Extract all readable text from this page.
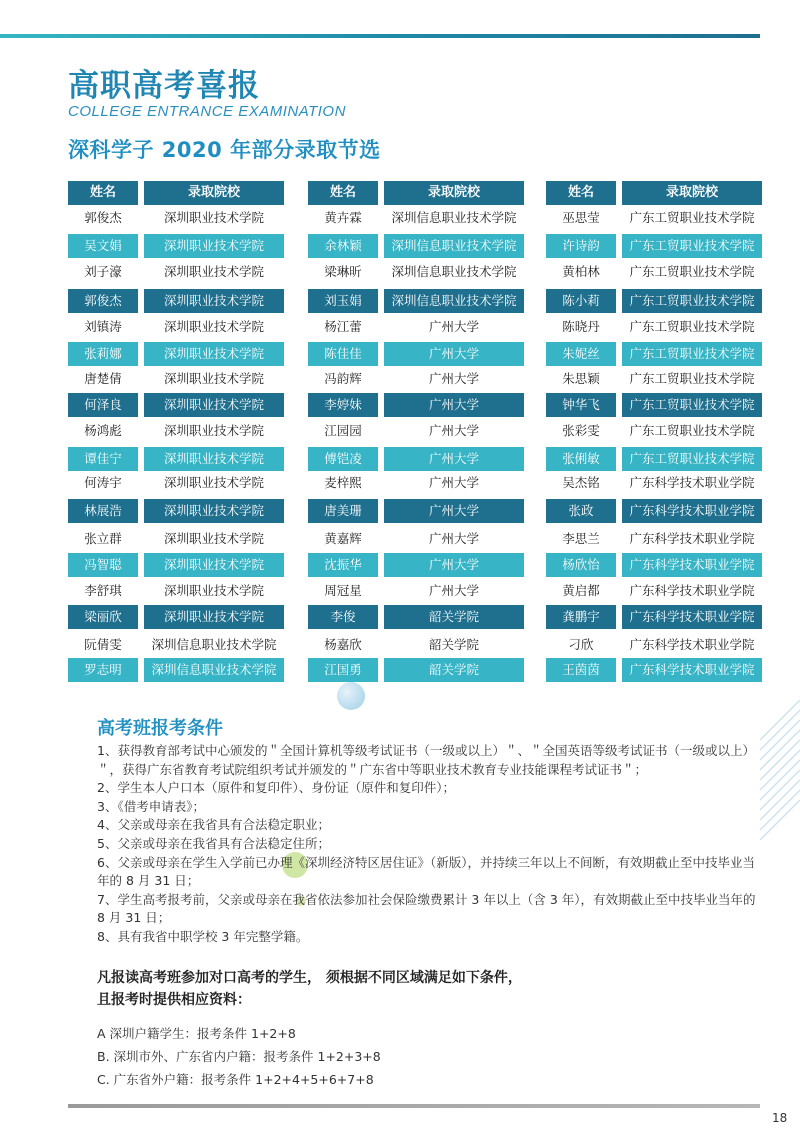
高职高考喜报
COLLEGE ENTRANCE EXAMINATION
深科学子 2020 年部分录取节选
姓名	录取院校
郭俊杰	深圳职业技术学院
吴文娟	深圳职业技术学院
刘子濠	深圳职业技术学院
郭俊杰	深圳职业技术学院
刘镇涛	深圳职业技术学院
张莉娜	深圳职业技术学院
唐楚倩	深圳职业技术学院
何泽良	深圳职业技术学院
杨鸿彪	深圳职业技术学院
谭佳宁	深圳职业技术学院
何涛宇	深圳职业技术学院
林展浩	深圳职业技术学院
张立群	深圳职业技术学院
冯智聪	深圳职业技术学院
李舒琪	深圳职业技术学院
梁丽欣	深圳职业技术学院
阮倩雯	深圳信息职业技术学院
罗志明	深圳信息职业技术学院
姓名	录取院校
黄卉霖	深圳信息职业技术学院
余林颖	深圳信息职业技术学院
梁琳昕	深圳信息职业技术学院
刘玉娟	深圳信息职业技术学院
杨江蕾	广州大学
陈佳佳	广州大学
冯韵辉	广州大学
李婷妹	广州大学
江园园	广州大学
傅铠凌	广州大学
麦梓熙	广州大学
唐美珊	广州大学
黄嘉辉	广州大学
沈振华	广州大学
周冠星	广州大学
李俊	韶关学院
杨嘉欣	韶关学院
江国勇	韶关学院
姓名	录取院校
巫思莹	广东工贸职业技术学院
许诗韵	广东工贸职业技术学院
黄柏林	广东工贸职业技术学院
陈小莉	广东工贸职业技术学院
陈晓丹	广东工贸职业技术学院
朱妮丝	广东工贸职业技术学院
朱思颖	广东工贸职业技术学院
钟华飞	广东工贸职业技术学院
张彩雯	广东工贸职业技术学院
张俐敏	广东工贸职业技术学院
吴杰铭	广东科学技术职业学院
张政	广东科学技术职业学院
李思兰	广东科学技术职业学院
杨欣怡	广东科学技术职业学院
黄启都	广东科学技术职业学院
龚鹏宇	广东科学技术职业学院
刁欣	广东科学技术职业学院
王茵茵	广东科学技术职业学院
高考班报考条件

1、获得教育部考试中心颁发的＂全国计算机等级考试证书（一级或以上）＂、＂全国英语等级考试证书（一级或以上）＂，获得广东省教育考试院组织考试并颁发的＂广东省中等职业技术教育专业技能课程考试证书＂；

2、学生本人户口本（原件和复印件）、身份证（原件和复印件）；

3、《借考申请表》；

4、父亲或母亲在我省具有合法稳定职业；

5、父亲或母亲在我省具有合法稳定住所；

6、父亲或母亲在学生入学前已办理《深圳经济特区居住证》（新版），并持续三年以上不间断，有效期截止至中技毕业当年的 8 月 31 日；

7、学生高考报考前，父亲或母亲在我省依法参加社会保险缴费累计 3 年以上（含 3 年），有效期截止至中技毕业当年的 8 月 31 日；

8、具有我省中职学校 3 年完整学籍。

凡报读高考班参加对口高考的学生， 须根据不同区域满足如下条件，
且报考时提供相应资料：
A 深圳户籍学生：报考条件 1+2+8
B. 深圳市外、广东省内户籍：报考条件 1+2+3+8
C. 广东省外户籍：报考条件 1+2+4+5+6+7+8
18
